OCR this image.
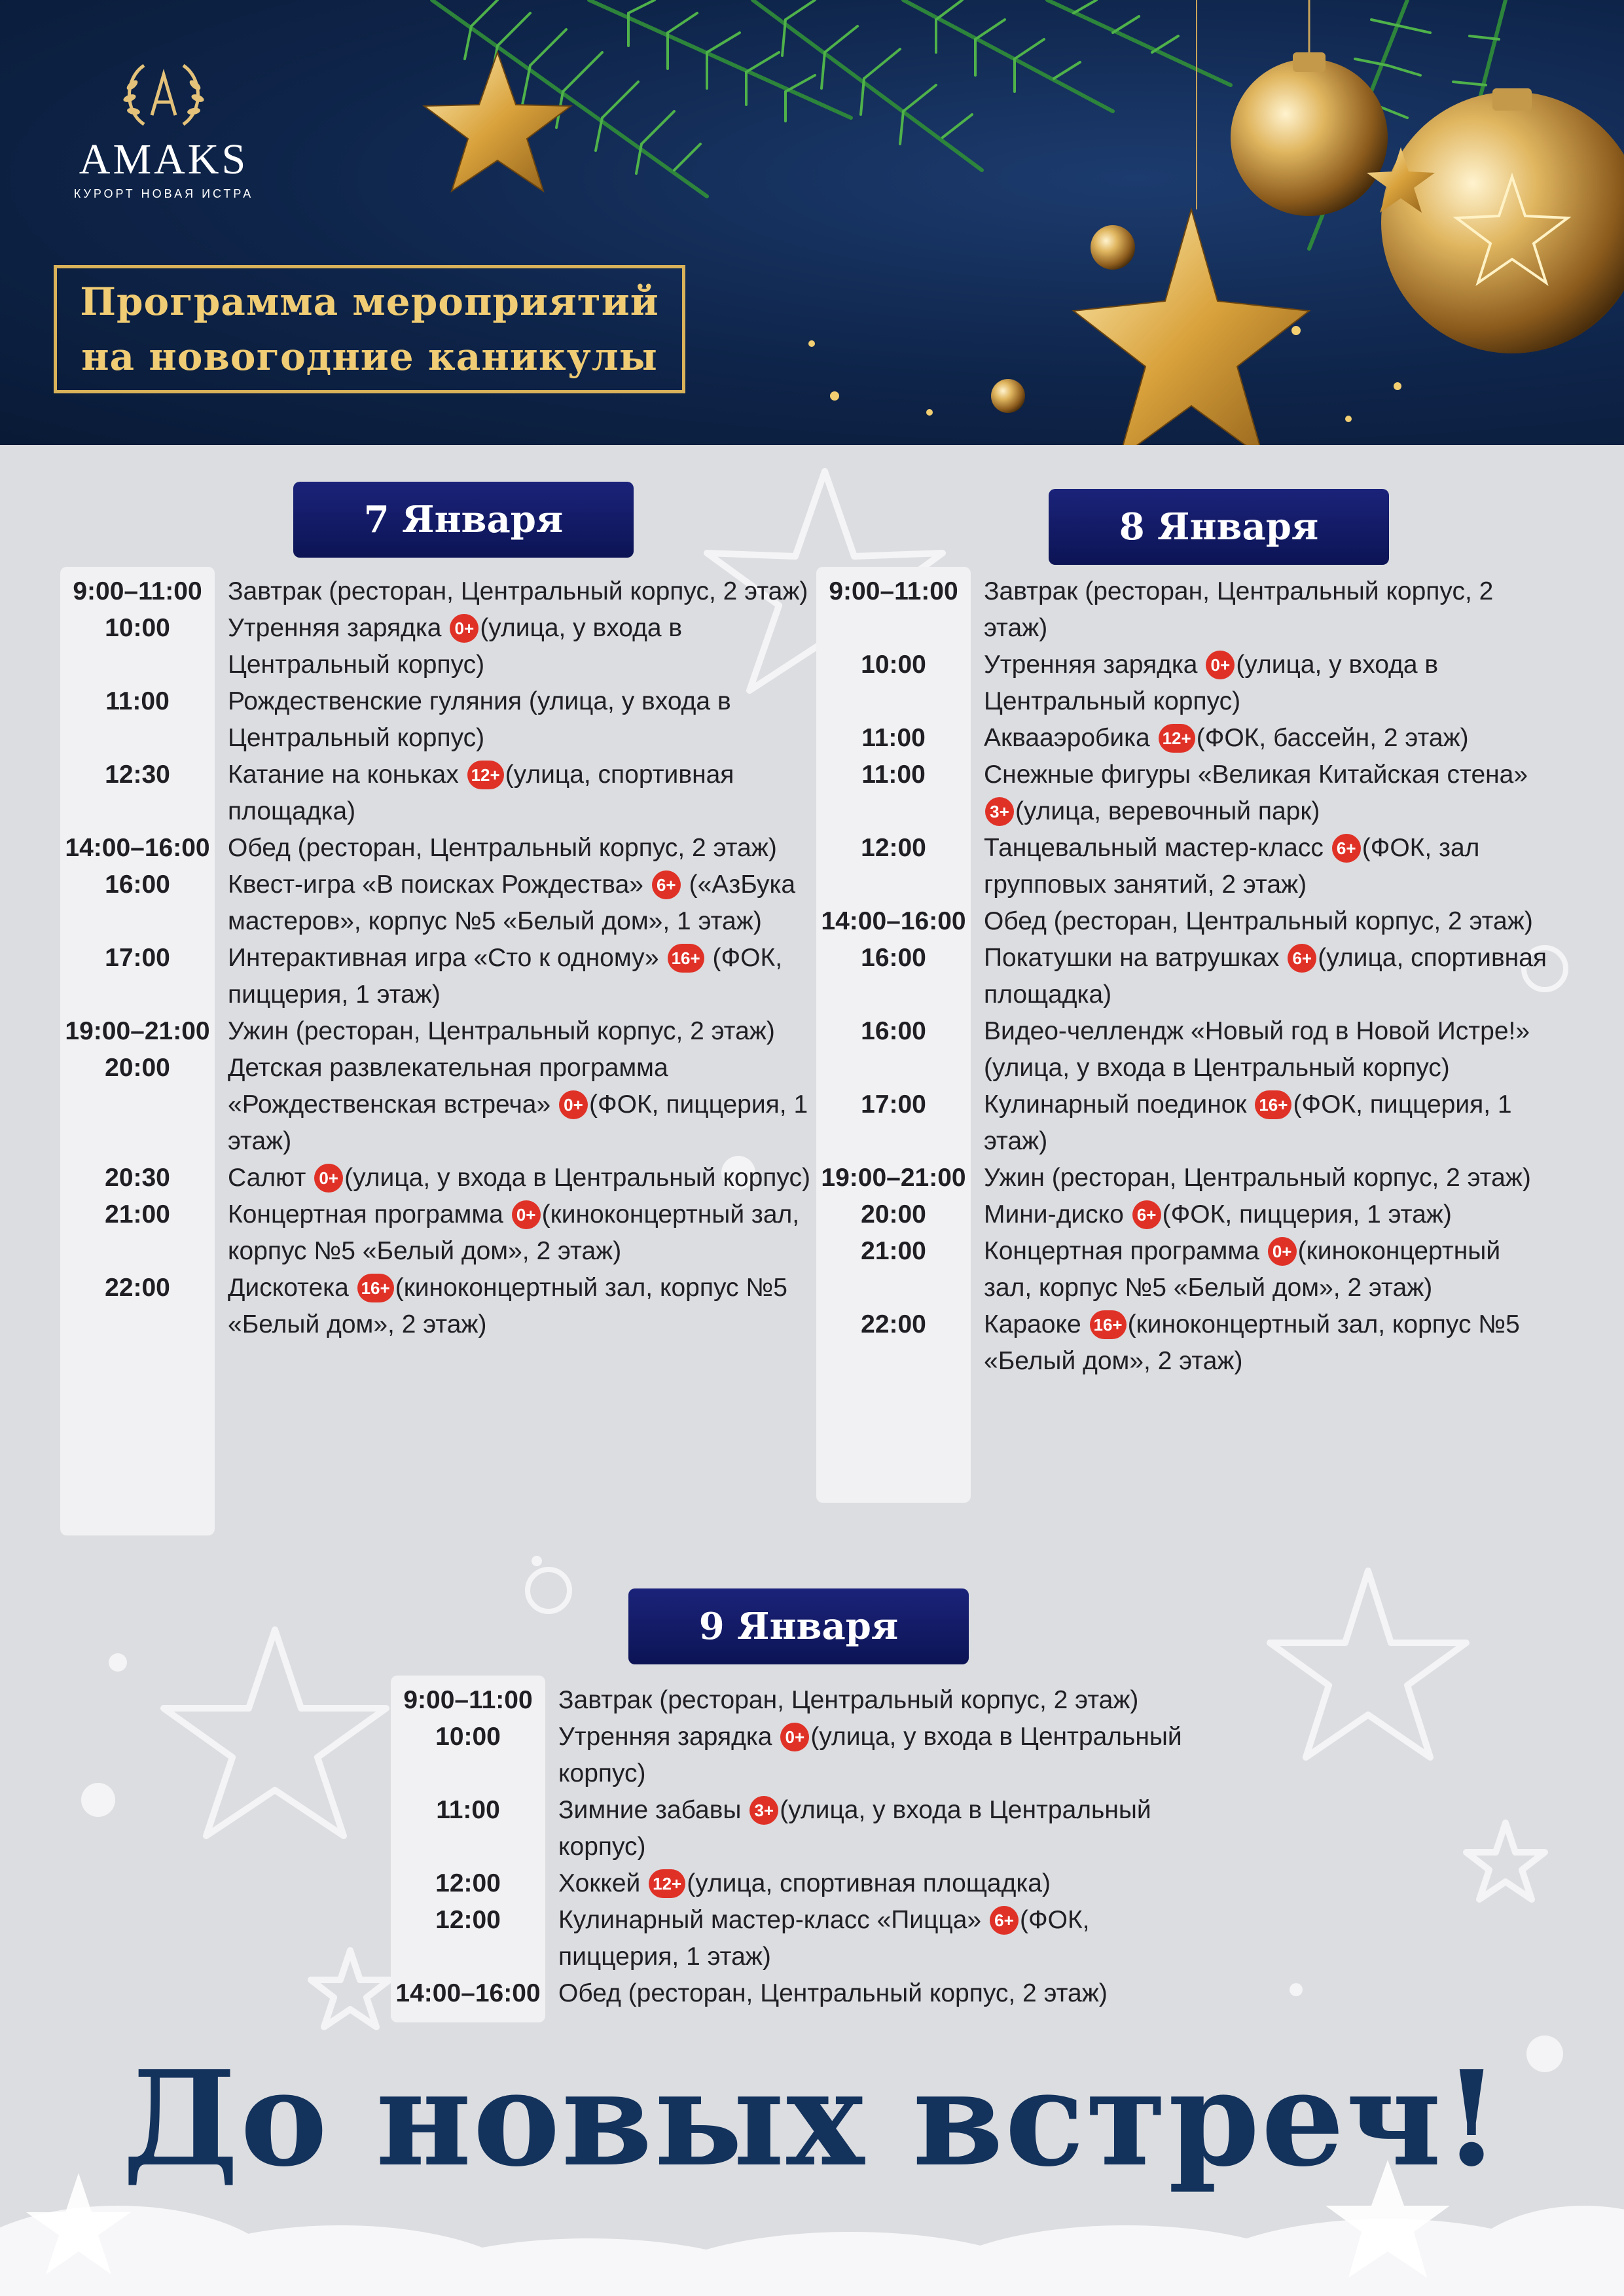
AMAKS
КУРОРТ НОВАЯ ИСТРА
Программа мероприятий
на новогодние каникулы
7 Января
9:00–11:00	Завтрак (ресторан, Центральный корпус, 2 этаж)
10:00	Утренняя зарядка 0+ (улица, у входа в Центральный корпус)
11:00	Рождественские гуляния (улица, у входа в Центральный корпус)
12:30	Катание на коньках 12+ (улица, спортивная площадка)
14:00–16:00 Обед (ресторан, Центральный корпус, 2 этаж)
16:00	Квест-игра «В поисках Рождества» 6+ («АзБука мастеров», корпус №5 «Белый дом», 1 этаж)
17:00	Интерактивная игра «Сто к одному» 16+ (ФОК, пиццерия, 1 этаж)
19:00–21:00 Ужин (ресторан, Центральный корпус, 2 этаж)
20:00	Детская развлекательная программа «Рождественская встреча» 0+ (ФОК, пиццерия, 1 этаж)
20:30	Салют 0+ (улица, у входа в Центральный корпус)
21:00	Концертная программа 0+ (киноконцертный зал, корпус №5 «Белый дом», 2 этаж)
22:00	Дискотека 16+ (киноконцертный зал, корпус №5 «Белый дом», 2 этаж)
8 Января
9:00–11:00	Завтрак (ресторан, Центральный корпус, 2 этаж)
10:00	Утренняя зарядка 0+ (улица, у входа в Центральный корпус)
11:00	Аквааэробика 12+ (ФОК, бассейн, 2 этаж)
11:00	Снежные фигуры «Великая Китайская стена» 3+ (улица, веревочный парк)
12:00	Танцевальный мастер-класс 6+ (ФОК, зал групповых занятий, 2 этаж)
14:00–16:00 Обед (ресторан, Центральный корпус, 2 этаж)
16:00	Покатушки на ватрушках 6+ (улица, спортивная площадка)
16:00	Видео-челлендж «Новый год в Новой Истре!» (улица, у входа в Центральный корпус)
17:00	Кулинарный поединок 16+ (ФОК, пиццерия, 1 этаж)
19:00–21:00 Ужин (ресторан, Центральный корпус, 2 этаж)
20:00	Мини-диско 6+ (ФОК, пиццерия, 1 этаж)
21:00	Концертная программа 0+ (киноконцертный зал, корпус №5 «Белый дом», 2 этаж)
22:00	Караоке 16+ (киноконцертный зал, корпус №5 «Белый дом», 2 этаж)
9 Января
9:00–11:00	Завтрак (ресторан, Центральный корпус, 2 этаж)
10:00	Утренняя зарядка 0+ (улица, у входа в Центральный корпус)
11:00	Зимние забавы 3+ (улица, у входа в Центральный корпус)
12:00	Хоккей 12+ (улица, спортивная площадка)
12:00	Кулинарный мастер-класс «Пицца» 6+ (ФОК, пиццерия, 1 этаж)
14:00–16:00 Обед (ресторан, Центральный корпус, 2 этаж)
До новых встреч!
